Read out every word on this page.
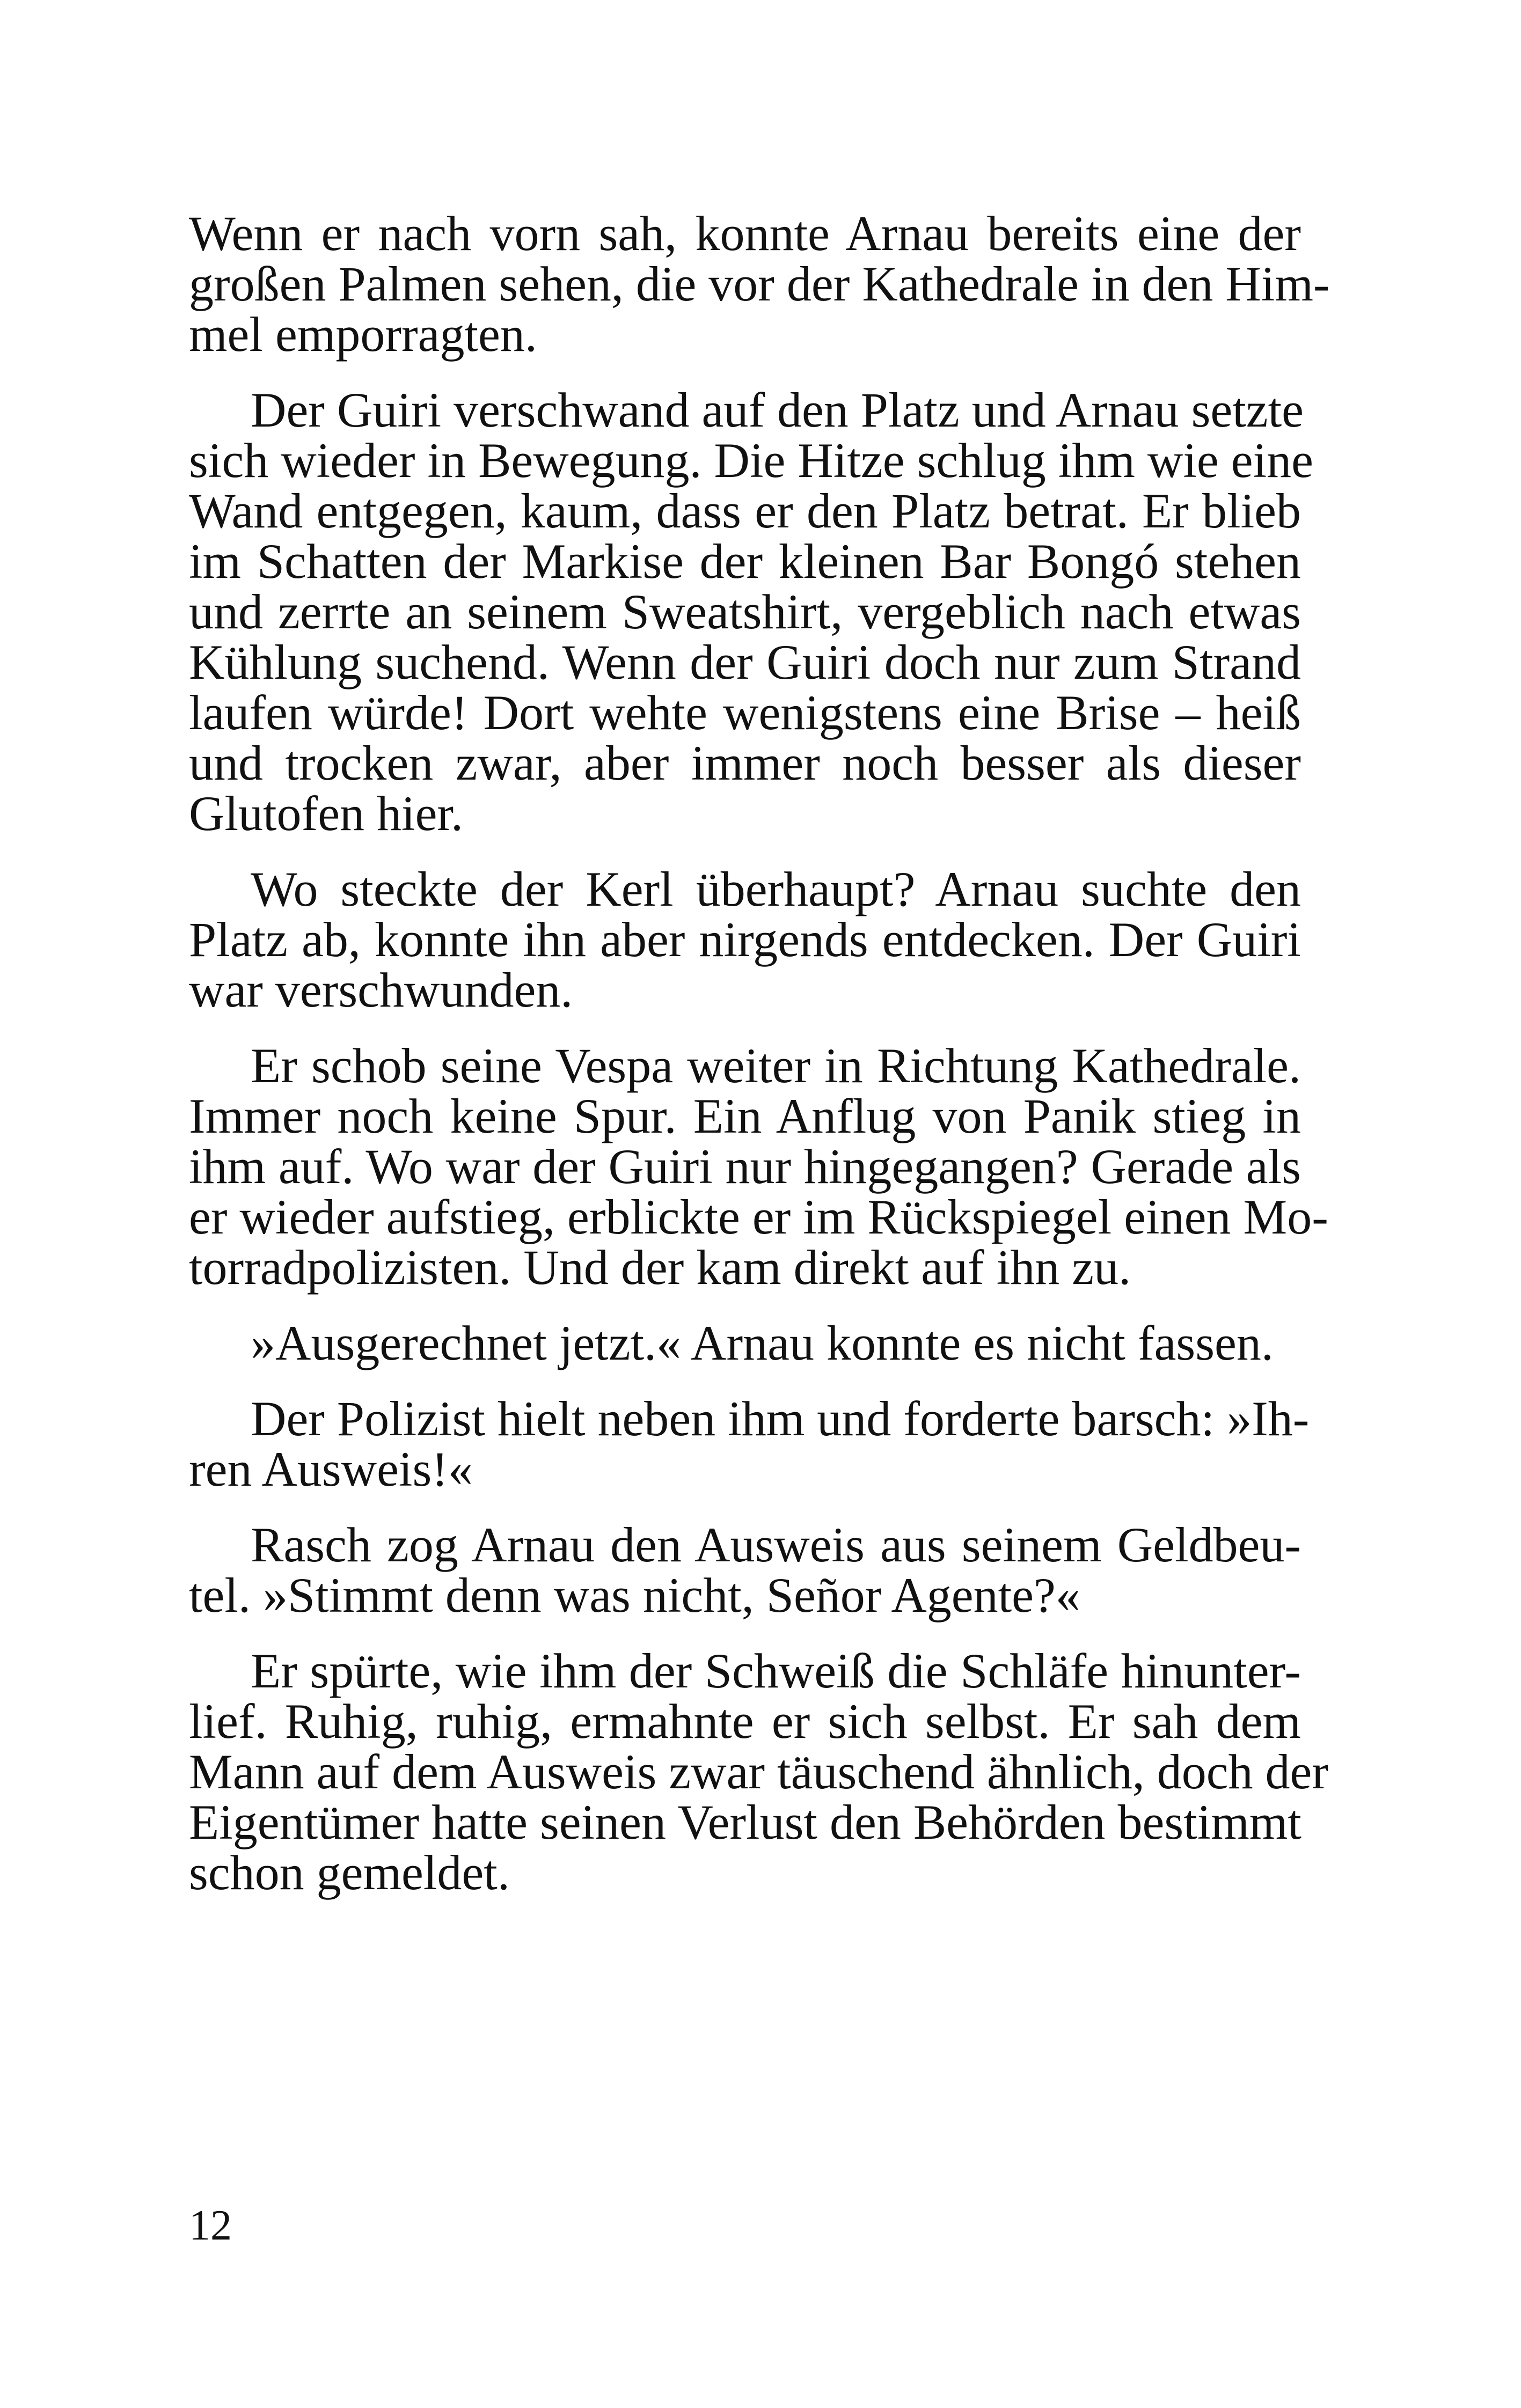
Wenn er nach vorn sah, konnte Arnau bereits eine der
großen Palmen sehen, die vor der Kathedrale in den Him-
mel emporragten.
Der Guiri verschwand auf den Platz und Arnau setzte
sich wieder in Bewegung. Die Hitze schlug ihm wie eine
Wand entgegen, kaum, dass er den Platz betrat. Er blieb
im Schatten der Markise der kleinen Bar Bongó stehen
und zerrte an seinem Sweatshirt, vergeblich nach etwas
Kühlung suchend. Wenn der Guiri doch nur zum Strand
laufen würde! Dort wehte wenigstens eine Brise – heiß
und trocken zwar, aber immer noch besser als dieser
Glutofen hier.
Wo steckte der Kerl überhaupt? Arnau suchte den
Platz ab, konnte ihn aber nirgends entdecken. Der Guiri
war verschwunden.
Er schob seine Vespa weiter in Richtung Kathedrale.
Immer noch keine Spur. Ein Anflug von Panik stieg in
ihm auf. Wo war der Guiri nur hingegangen? Gerade als
er wieder aufstieg, erblickte er im Rückspiegel einen Mo-
torradpolizisten. Und der kam direkt auf ihn zu.
»Ausgerechnet jetzt.« Arnau konnte es nicht fassen.
Der Polizist hielt neben ihm und forderte barsch: »Ih-
ren Ausweis!«
Rasch zog Arnau den Ausweis aus seinem Geldbeu-
tel. »Stimmt denn was nicht, Señor Agente?«
Er spürte, wie ihm der Schweiß die Schläfe hinunter-
lief. Ruhig, ruhig, ermahnte er sich selbst. Er sah dem
Mann auf dem Ausweis zwar täuschend ähnlich, doch der
Eigentümer hatte seinen Verlust den Behörden bestimmt
schon gemeldet.
12
